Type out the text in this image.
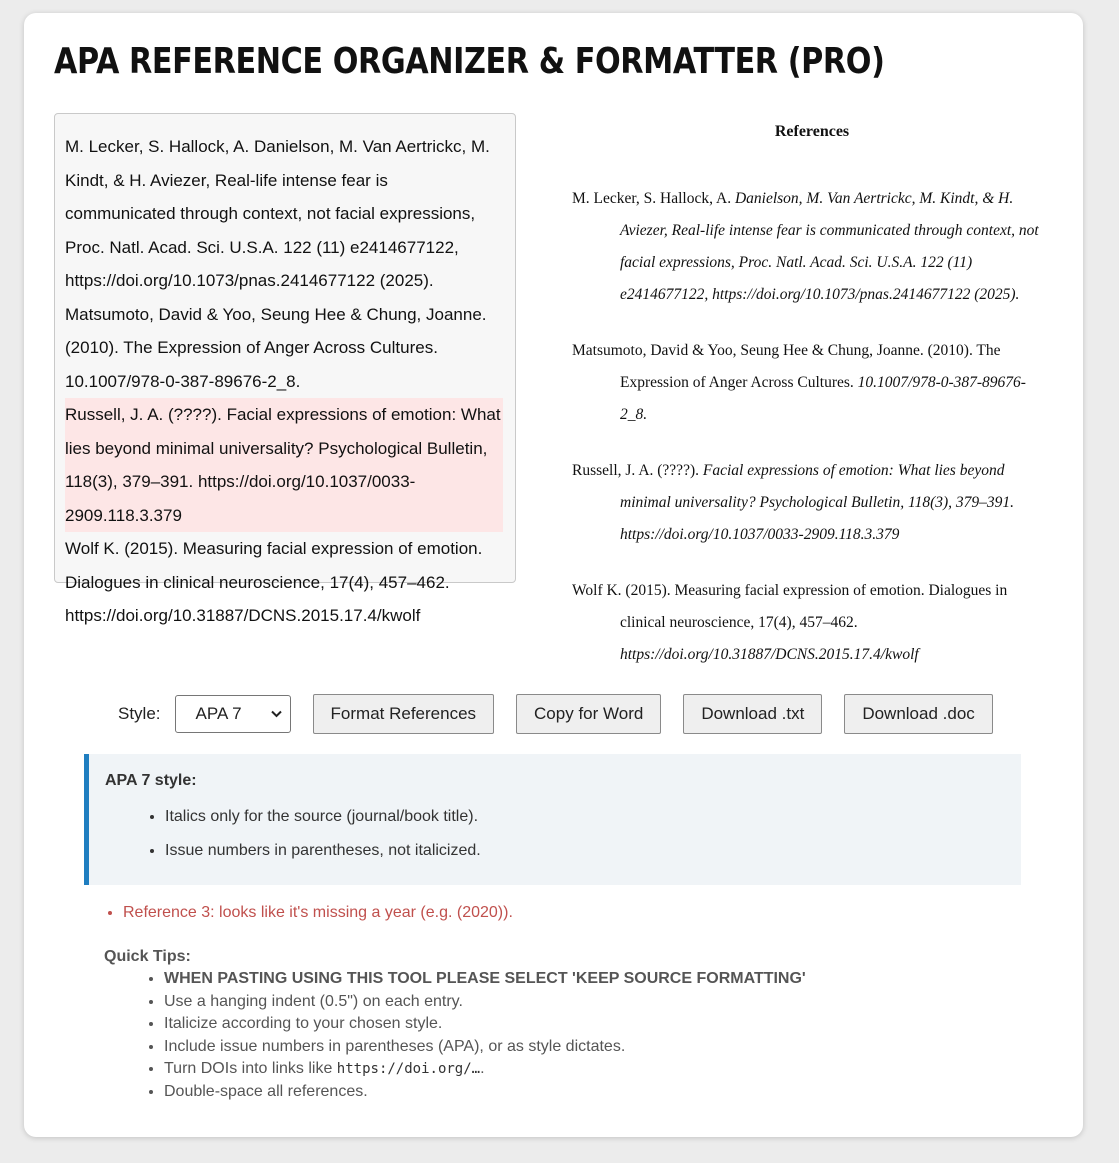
APA REFERENCE ORGANIZER & FORMATTER (PRO)
M. Lecker, S. Hallock, A. Danielson, M. Van Aertrickc, M. Kindt, & H. Aviezer, Real-life intense fear is communicated through context, not facial expressions, Proc. Natl. Acad. Sci. U.S.A. 122 (11) e2414677122, https://doi.org/10.1073/pnas.2414677122 (2025).
Matsumoto, David & Yoo, Seung Hee & Chung, Joanne. (2010). The Expression of Anger Across Cultures. 10.1007/978-0-387-89676-2_8.
Russell, J. A. (????). Facial expressions of emotion: What lies beyond minimal universality? Psychological Bulletin, 118(3), 379–391. https://doi.org/10.1037/0033-2909.118.3.379
Wolf K. (2015). Measuring facial expression of emotion. Dialogues in clinical neuroscience, 17(4), 457–462. https://doi.org/10.31887/DCNS.2015.17.4/kwolf
References
M. Lecker, S. Hallock, A. Danielson, M. Van Aertrickc, M. Kindt, & H. Aviezer, Real-life intense fear is communicated through context, not facial expressions, Proc. Natl. Acad. Sci. U.S.A. 122 (11) e2414677122, https://doi.org/10.1073/pnas.2414677122 (2025).
Matsumoto, David & Yoo, Seung Hee & Chung, Joanne. (2010). The Expression of Anger Across Cultures. 10.1007/978-0-387-89676-2_8.
Russell, J. A. (????). Facial expressions of emotion: What lies beyond minimal universality? Psychological Bulletin, 118(3), 379–391. https://doi.org/10.1037/0033-2909.118.3.379
Wolf K. (2015). Measuring facial expression of emotion. Dialogues in clinical neuroscience, 17(4), 457–462. https://doi.org/10.31887/DCNS.2015.17.4/kwolf
Style: APA 7	Format References	Copy for Word	Download .txt	Download .doc
APA 7 style:
• Italics only for the source (journal/book title).
• Issue numbers in parentheses, not italicized.
• Reference 3: looks like it's missing a year (e.g. (2020)).
Quick Tips:
• WHEN PASTING USING THIS TOOL PLEASE SELECT 'KEEP SOURCE FORMATTING'
• Use a hanging indent (0.5") on each entry.
• Italicize according to your chosen style.
• Include issue numbers in parentheses (APA), or as style dictates.
• Turn DOIs into links like https://doi.org/….
• Double-space all references.
